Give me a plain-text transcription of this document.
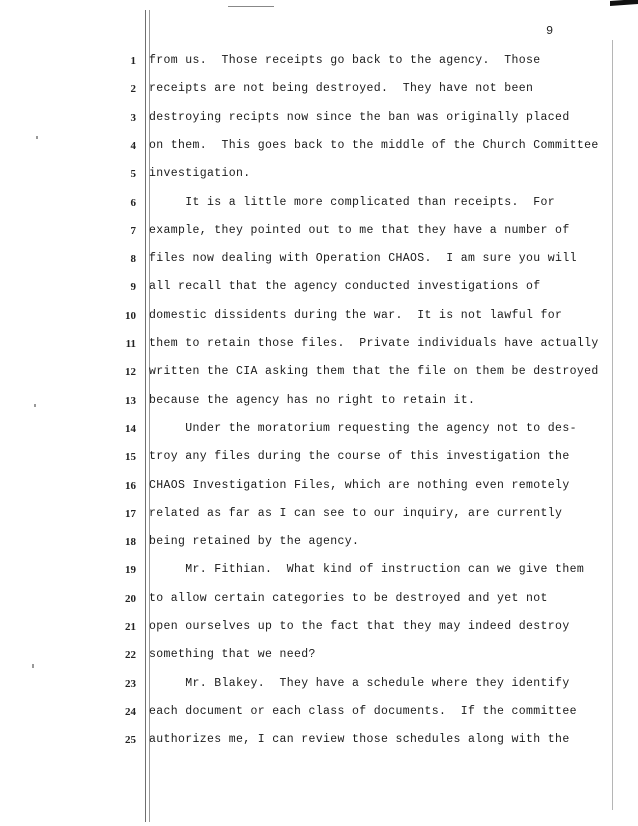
9
1 from us.  Those receipts go back to the agency.  Those
2 receipts are not being destroyed.  They have not been
3 destroying recipts now since the ban was originally placed
4 on them.  This goes back to the middle of the Church Committee
5 investigation.
6 It is a little more complicated than receipts.  For
7 example, they pointed out to me that they have a number of
8 files now dealing with Operation CHAOS.  I am sure you will
9 all recall that the agency conducted investigations of
10 domestic dissidents during the war.  It is not lawful for
11 them to retain those files.  Private individuals have actually
12 written the CIA asking them that the file on them be destroyed
13 because the agency has no right to retain it.
14 Under the moratorium requesting the agency not to des-
15 troy any files during the course of this investigation the
16 CHAOS Investigation Files, which are nothing even remotely
17 related as far as I can see to our inquiry, are currently
18 being retained by the agency.
19 Mr. Fithian.  What kind of instruction can we give them
20 to allow certain categories to be destroyed and yet not
21 open ourselves up to the fact that they may indeed destroy
22 something that we need?
23 Mr. Blakey.  They have a schedule where they identify
24 each document or each class of documents.  If the committee
25 authorizes me, I can review those schedules along with the
